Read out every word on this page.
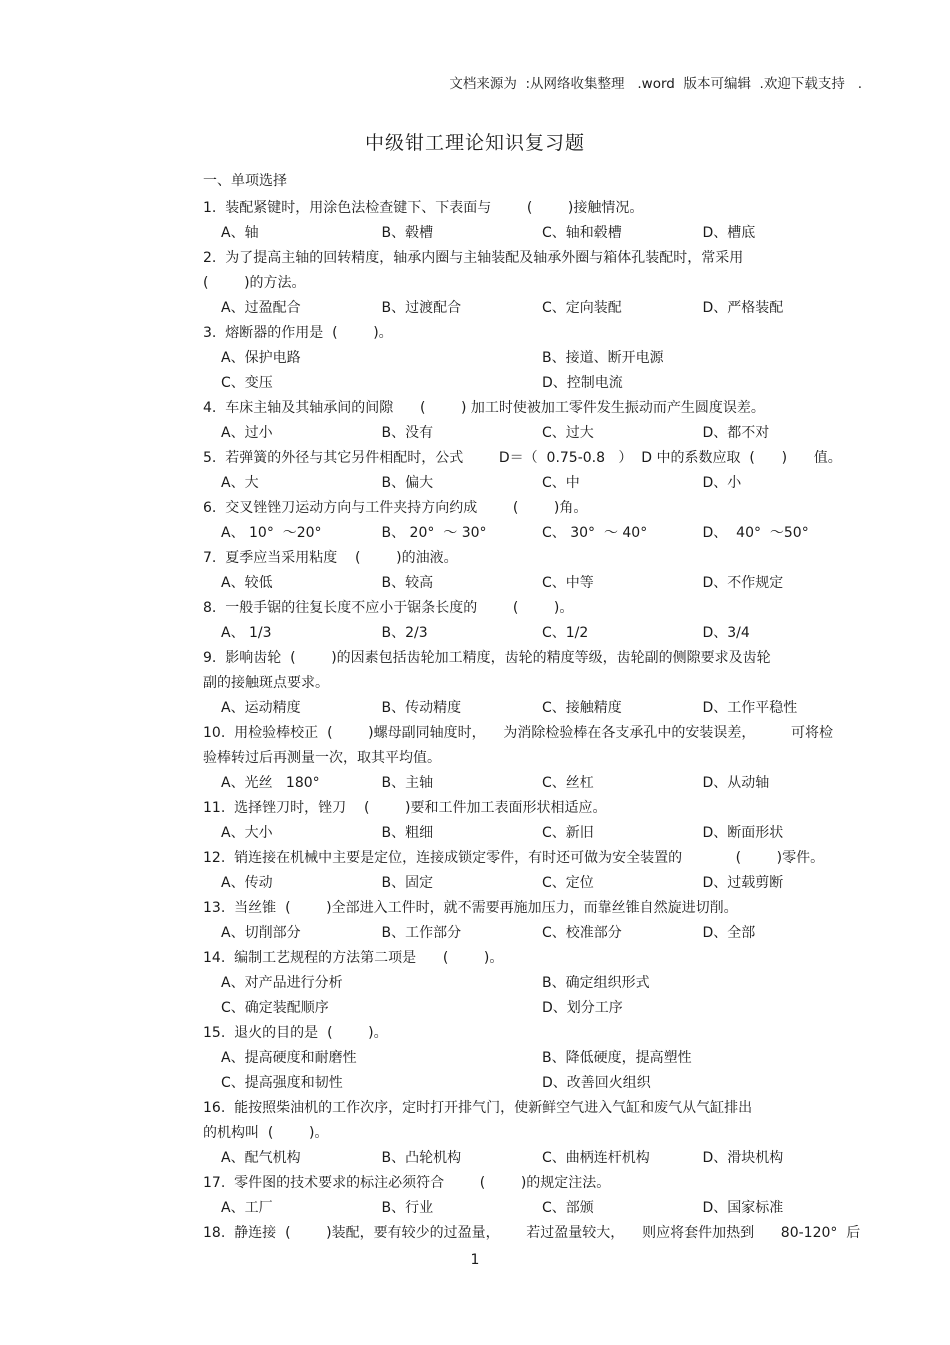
文档来源为  :从网络收集整理   .word  版本可编辑  .欢迎下载支持   .
中级钳工理论知识复习题
一、单项选择
1.  装配紧键时，用涂色法检查键下、下表面与        (        )接触情况。
A、轴	B、毂槽	C、轴和毂槽	D、槽底
2.  为了提高主轴的回转精度，轴承内圈与主轴装配及轴承外圈与箱体孔装配时，常采用
(        )的方法。
A、过盈配合	B、过渡配合	C、定向装配	D、严格装配
3.  熔断器的作用是  (        )。
A、保护电路	B、接道、断开电源
C、变压	D、控制电流
4.  车床主轴及其轴承间的间隙      (        ) 加工时使被加工零件发生振动而产生圆度误差。
A、过小	B、没有	C、过大	D、都不对
5.  若弹簧的外径与其它另件相配时，公式        D＝（  0.75-0.8   ）  D 中的系数应取  (      )      值。
A、大	B、偏大	C、中	D、小
6.  交叉锉锉刀运动方向与工件夹持方向约成        (        )角。
A、 10°  ～20°	B、 20°  ～ 30°	C、 30°  ～ 40°	D、  40°  ～50°
7.  夏季应当采用粘度    (        )的油液。
A、较低	B、较高	C、中等	D、不作规定
8.  一般手锯的往复长度不应小于锯条长度的        (        )。
A、 1/3	B、2/3	C、1/2	D、3/4
9.  影响齿轮  (        )的因素包括齿轮加工精度，齿轮的精度等级，齿轮副的侧隙要求及齿轮
副的接触斑点要求。
A、运动精度	B、传动精度	C、接触精度	D、工作平稳性
10.  用检验棒校正  (        )螺母副同轴度时，    为消除检验棒在各支承孔中的安装误差，        可将检
验棒转过后再测量一次，取其平均值。
A、光丝   180°	B、主轴	C、丝杠	D、从动轴
11.  选择锉刀时，锉刀    (        )要和工件加工表面形状相适应。
A、大小	B、粗细	C、新旧	D、断面形状
12.  销连接在机械中主要是定位，连接成锁定零件，有时还可做为安全装置的            (        )零件。
A、传动	B、固定	C、定位	D、过载剪断
13.  当丝锥  (        )全部进入工件时，就不需要再施加压力，而靠丝锥自然旋进切削。
A、切削部分	B、工作部分	C、校准部分	D、全部
14.  编制工艺规程的方法第二项是      (        )。
A、对产品进行分析	B、确定组织形式
C、确定装配顺序	D、划分工序
15.  退火的目的是  (        )。
A、提高硬度和耐磨性	B、降低硬度，提高塑性
C、提高强度和韧性	D、改善回火组织
16.  能按照柴油机的工作次序，定时打开排气门，使新鲜空气进入气缸和废气从气缸排出
的机构叫  (        )。
A、配气机构	B、凸轮机构	C、曲柄连杆机构	D、滑块机构
17.  零件图的技术要求的标注必须符合        (        )的规定注法。
A、工厂	B、行业	C、部颁	D、国家标准
18.  静连接  (        )装配，要有较少的过盈量，      若过盈量较大，    则应将套件加热到      80-120°  后
1
